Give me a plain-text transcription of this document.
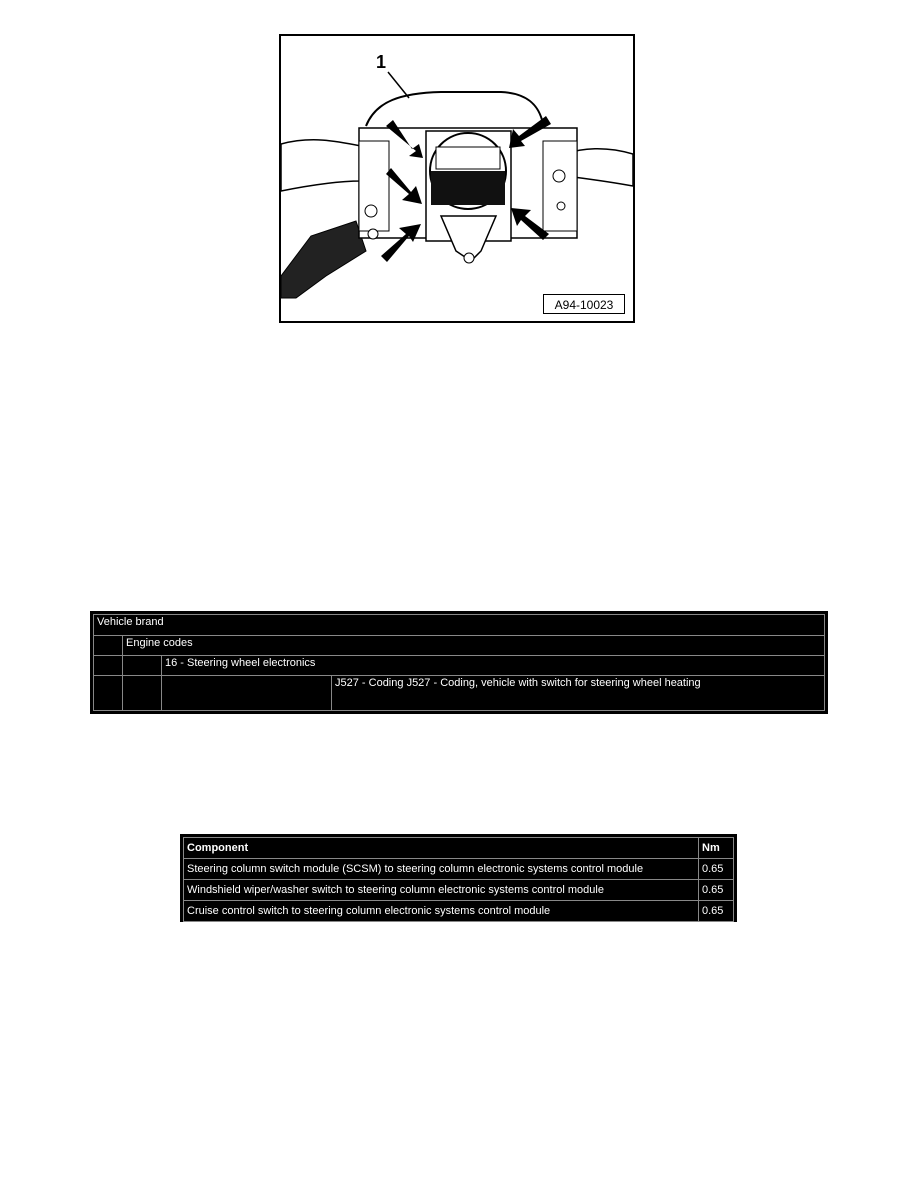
1
A94-10023
Vehicle brand			
	Engine codes		
		16 - Steering wheel electronics	
			J527 - Coding J527 - Coding, vehicle with switch for steering wheel heating
Component	Nm
Steering column switch module (SCSM) to steering column electronic systems control module	0.65
Windshield wiper/washer switch to steering column electronic systems control module	0.65
Cruise control switch to steering column electronic systems control module	0.65
